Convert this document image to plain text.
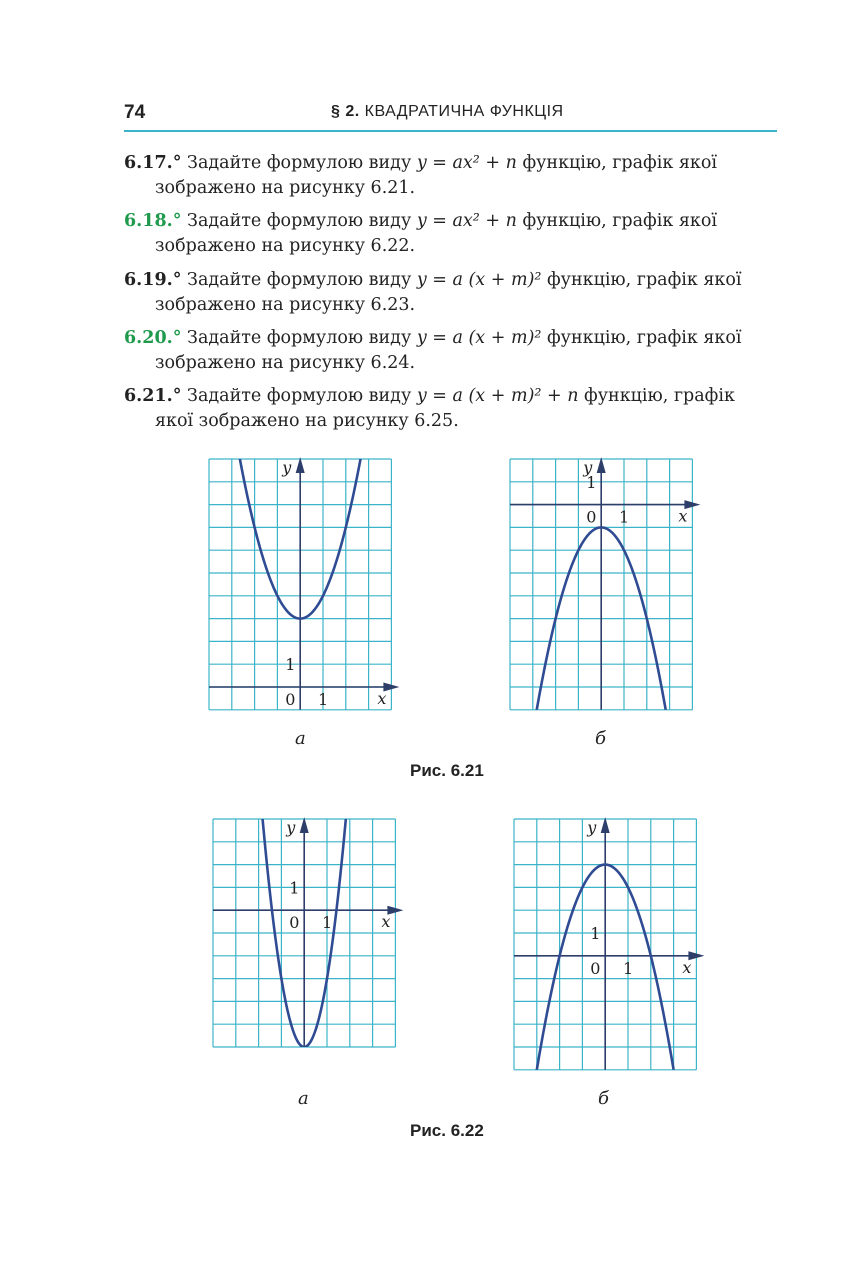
74	§ 2. КВАДРАТИЧНА ФУНКЦІЯ
6.17.° Задайте формулою виду y = ax² + n функцію, графік якої
зображено на рисунку 6.21.
6.18.° Задайте формулою виду y = ax² + n функцію, графік якої
зображено на рисунку 6.22.
6.19.° Задайте формулою виду y = a (x + m)² функцію, графік якої
зображено на рисунку 6.23.
6.20.° Задайте формулою виду y = a (x + m)² функцію, графік якої
зображено на рисунку 6.24.
6.21.° Задайте формулою виду y = a (x + m)² + n функцію, графік
якої зображено на рисунку 6.25.
y
x
0 1
1
а
y
x
0 1
1
б
Рис. 6.21
y
x
0 1
1
а
y
x
0 1
1
б
Рис. 6.22
